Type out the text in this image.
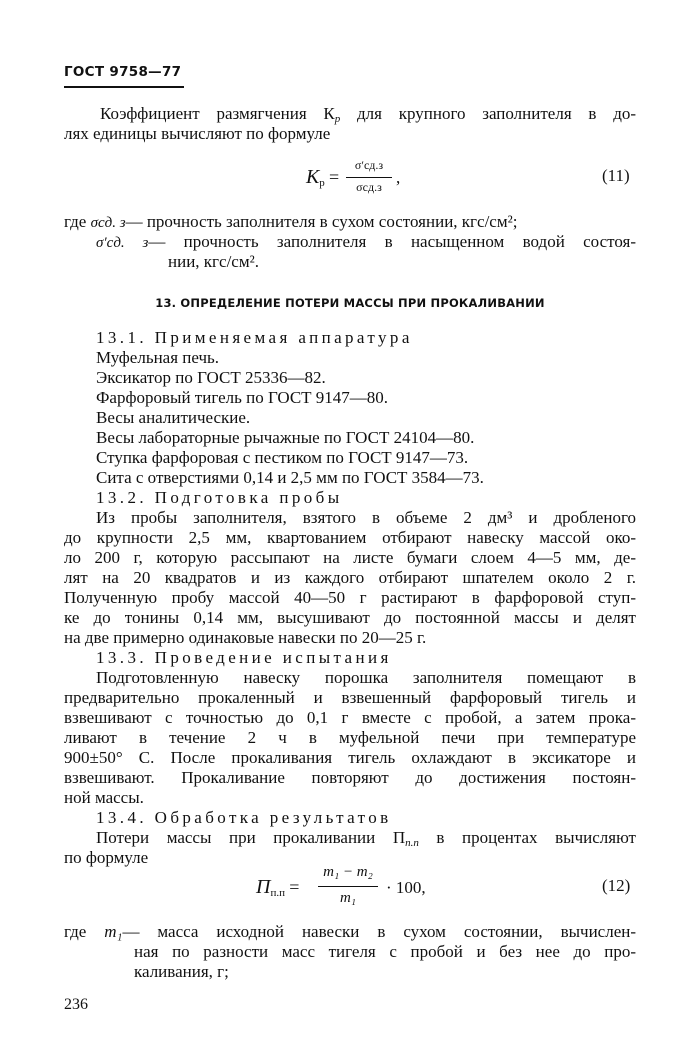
ГОСТ 9758—77
Коэффициент размягчения $К_р$ для крупного заполнителя в до-
лях единицы вычисляют по формуле
$К_р$ =
σ′сд.з
σсд.з ,	(11)
где σсд. з— прочность заполнителя в сухом состоянии, кгс/см²;
σ′сд. з— прочность заполнителя в насыщенном водой состоя-
нии, кгс/см².
13. ОПРЕДЕЛЕНИЕ ПОТЕРИ МАССЫ ПРИ ПРОКАЛИВАНИИ
13.1. Применяемая аппаратура
Муфельная печь.
Эксикатор по ГОСТ 25336—82.
Фарфоровый тигель по ГОСТ 9147—80.
Весы аналитические.
Весы лабораторные рычажные по ГОСТ 24104—80.
Ступка фарфоровая с пестиком по ГОСТ 9147—73.
Сита с отверстиями 0,14 и 2,5 мм по ГОСТ 3584—73.
13.2. Подготовка пробы
Из пробы заполнителя, взятого в объеме 2 дм³ и дробленого
до крупности 2,5 мм, квартованием отбирают навеску массой око-
ло 200 г, которую рассыпают на листе бумаги слоем 4—5 мм, де-
лят на 20 квадратов и из каждого отбирают шпателем около 2 г.
Полученную пробу массой 40—50 г растирают в фарфоровой ступ-
ке до тонины 0,14 мм, высушивают до постоянной массы и делят
на две примерно одинаковые навески по 20—25 г.
13.3. Проведение испытания
Подготовленную навеску порошка заполнителя помещают в
предварительно прокаленный и взвешенный фарфоровый тигель и
взвешивают с точностью до 0,1 г вместе с пробой, а затем прока-
ливают в течение 2 ч в муфельной печи при температуре
900±50° С. После прокаливания тигель охлаждают в эксикаторе и
взвешивают. Прокаливание повторяют до достижения постоян-
ной массы.
13.4. Обработка результатов
Потери массы при прокаливании $П_{п.п}$ в процентах вычисляют
по формуле
$П_{п.п}$ =
m₁ − m₂
m₁
· 100,	(12)
где m₁— масса исходной навески в сухом состоянии, вычислен-
ная по разности масс тигеля с пробой и без нее до про-
каливания, г;
236
